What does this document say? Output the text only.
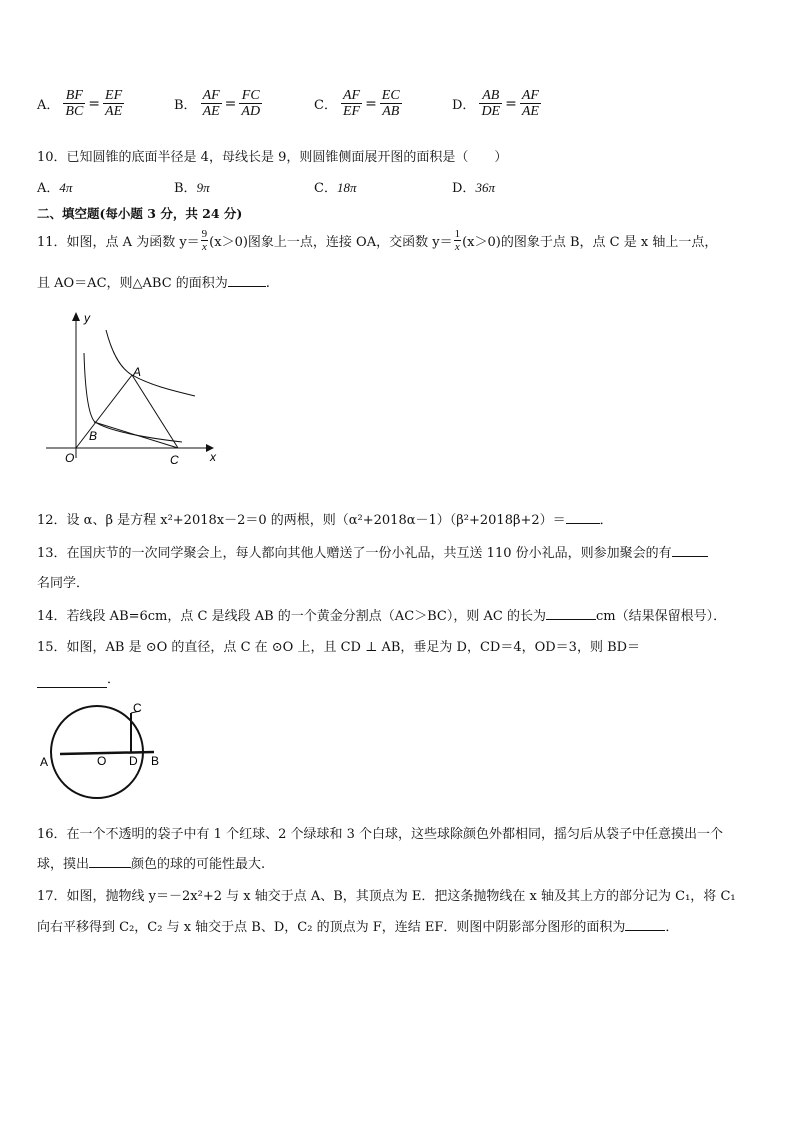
A． $\frac{BF}{BC} = \frac{EF}{AE}$	B． $\frac{AF}{AE} = \frac{FC}{AD}$	C． $\frac{AF}{EF} = \frac{EC}{AB}$	D． $\frac{AB}{DE} = \frac{AF}{AE}$
10．已知圆锥的底面半径是 4，母线长是 9，则圆锥侧面展开图的面积是（　　）
A．4π	B．9π	C．18π	D．36π
二、填空题(每小题 3 分，共 24 分)
11．如图，点 A 为函数 $y= \frac{9}{x} (x>0)$图象上一点，连接 OA，交函数 $y= \frac{1}{x} (x>0)$的图象于点 B，点 C 是 x 轴上一点，
且 AO＝AC，则△ABC 的面积为	.
y
x
O
A
B
C
12．设 α、β 是方程 x²+2018x－2＝0 的两根，则（α²+2018α－1）（β²+2018β+2）＝	．
13．在国庆节的一次同学聚会上，每人都向其他人赠送了一份小礼品，共互送 110 份小礼品，则参加聚会的有
名同学．
14．若线段 AB=6cm，点 C 是线段 AB 的一个黄金分割点（AC＞BC），则 AC 的长为	cm（结果保留根号）．
15．如图，AB 是 ⊙O 的直径，点 C 在 ⊙O 上，且 CD ⊥ AB，垂足为 D，CD＝4，OD＝3，则 BD＝
．
C
A	O D B
16．在一个不透明的袋子中有 1 个红球、2 个绿球和 3 个白球，这些球除颜色外都相同，摇匀后从袋子中任意摸出一个
球，摸出	颜色的球的可能性最大.
17．如图，抛物线 y＝－2x²+2 与 x 轴交于点 A、B，其顶点为 E．把这条抛物线在 x 轴及其上方的部分记为 C₁，将 C₁
向右平移得到 C₂，C₂ 与 x 轴交于点 B、D，C₂ 的顶点为 F，连结 EF．则图中阴影部分图形的面积为	．
